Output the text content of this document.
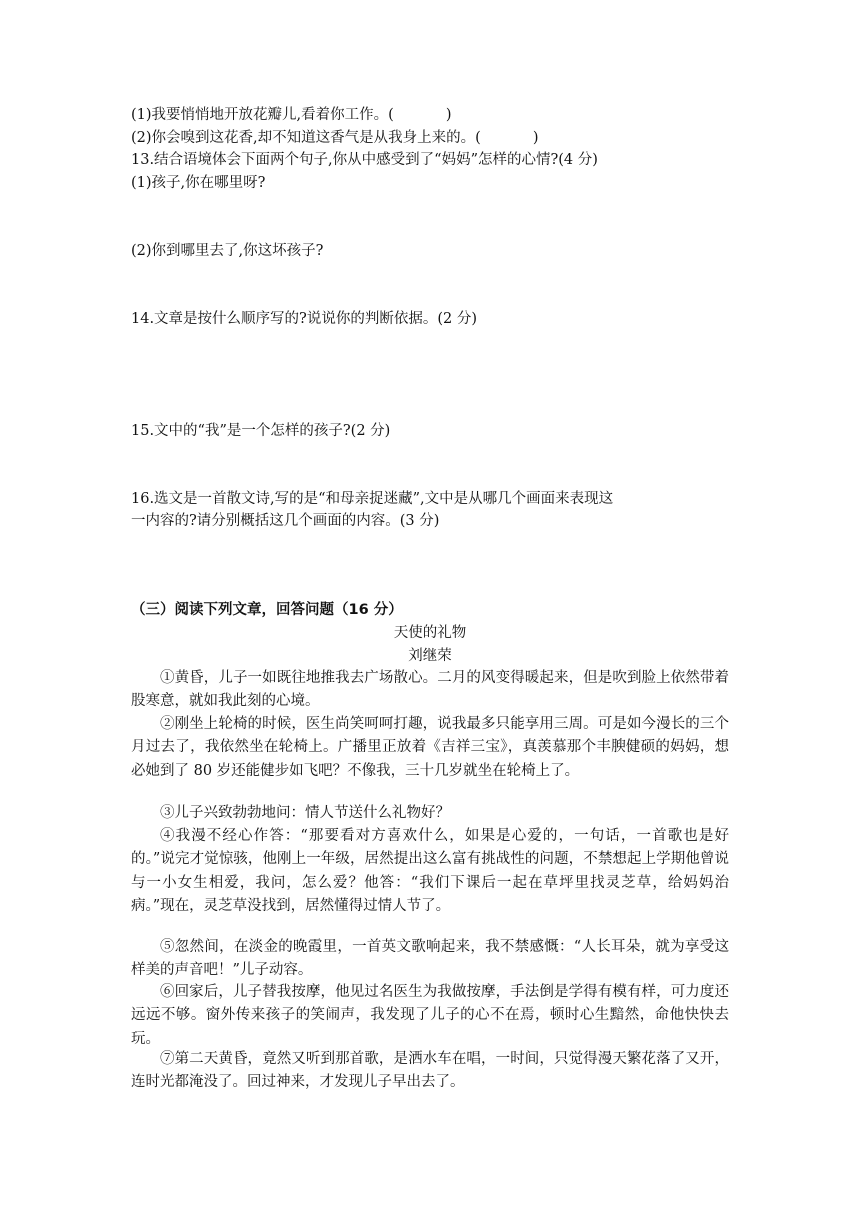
(1)我要悄悄地开放花瓣儿,看着你工作。(	)
(2)你会嗅到这花香,却不知道这香气是从我身上来的。(	)
13.结合语境体会下面两个句子,你从中感受到了“妈妈”怎样的心情?(4 分)
(1)孩子,你在哪里呀?
(2)你到哪里去了,你这坏孩子?
14.文章是按什么顺序写的?说说你的判断依据。(2 分)
15.文中的“我”是一个怎样的孩子?(2 分)
16.选文是一首散文诗,写的是“和母亲捉迷藏”,文中是从哪几个画面来表现这
一内容的?请分别概括这几个画面的内容。(3 分)
（三）阅读下列文章，回答问题（16 分）
天使的礼物
刘继荣
①黄昏，儿子一如既往地推我去广场散心。二月的风变得暖起来，但是吹到脸上依然带着股寒意，就如我此刻的心境。
②刚坐上轮椅的时候，医生尚笑呵呵打趣，说我最多只能享用三周。可是如今漫长的三个月过去了，我依然坐在轮椅上。广播里正放着《吉祥三宝》，真羡慕那个丰腴健硕的妈妈，想必她到了 80 岁还能健步如飞吧？不像我，三十几岁就坐在轮椅上了。
③儿子兴致勃勃地问：情人节送什么礼物好？
④我漫不经心作答：“那要看对方喜欢什么，如果是心爱的，一句话，一首歌也是好的。”说完才觉惊骇，他刚上一年级，居然提出这么富有挑战性的问题，不禁想起上学期他曾说与一小女生相爱，我问，怎么爱？他答：“我们下课后一起在草坪里找灵芝草，给妈妈治病。”现在，灵芝草没找到，居然懂得过情人节了。
⑤忽然间，在淡金的晚霞里，一首英文歌响起来，我不禁感慨：“人长耳朵，就为享受这样美的声音吧！”儿子动容。
⑥回家后，儿子替我按摩，他见过名医生为我做按摩，手法倒是学得有模有样，可力度还远远不够。窗外传来孩子的笑闹声，我发现了儿子的心不在焉，顿时心生黯然，命他快快去玩。
⑦第二天黄昏，竟然又听到那首歌，是洒水车在唱，一时间，只觉得漫天繁花落了又开，连时光都淹没了。回过神来，才发现儿子早出去了。
